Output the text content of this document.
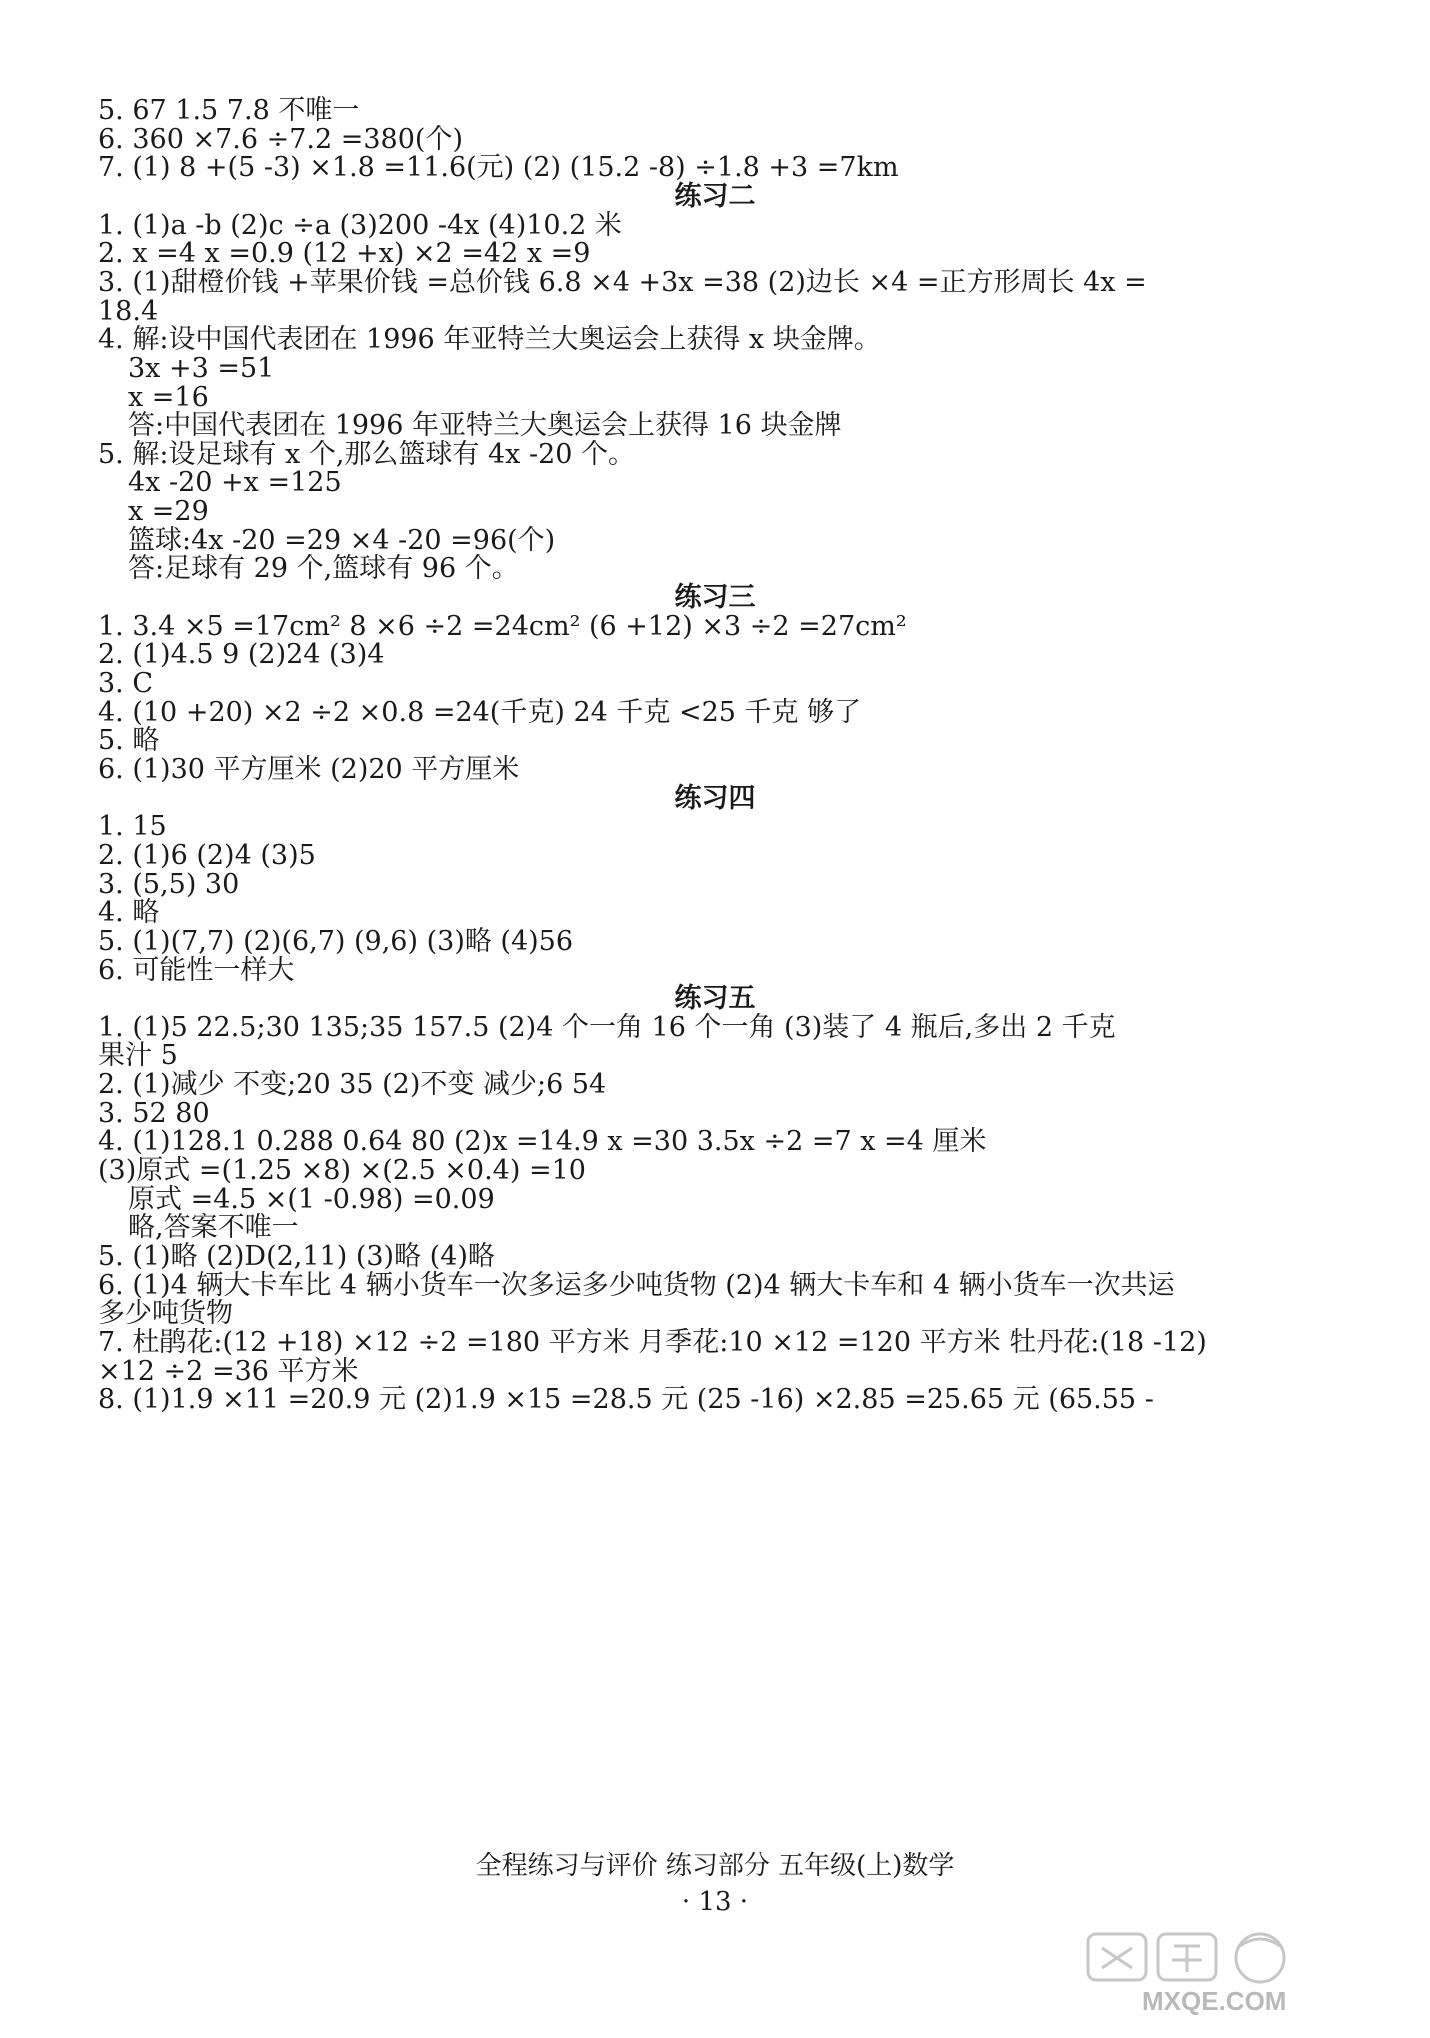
5. 67 1.5 7.8 不唯一
6. 360 ×7.6 ÷7.2 =380(个)
7. (1) 8 +(5 -3) ×1.8 =11.6(元) (2) (15.2 -8) ÷1.8 +3 =7km
练习二
1. (1)a -b (2)c ÷a (3)200 -4x (4)10.2 米
2. x =4 x =0.9 (12 +x) ×2 =42 x =9
3. (1)甜橙价钱 +苹果价钱 =总价钱 6.8 ×4 +3x =38 (2)边长 ×4 =正方形周长 4x =
18.4
4. 解:设中国代表团在 1996 年亚特兰大奥运会上获得 x 块金牌。
3x +3 =51
x =16
答:中国代表团在 1996 年亚特兰大奥运会上获得 16 块金牌
5. 解:设足球有 x 个,那么篮球有 4x -20 个。
4x -20 +x =125
x =29
篮球:4x -20 =29 ×4 -20 =96(个)
答:足球有 29 个,篮球有 96 个。
练习三
1. 3.4 ×5 =17cm² 8 ×6 ÷2 =24cm² (6 +12) ×3 ÷2 =27cm²
2. (1)4.5 9 (2)24 (3)4
3. C
4. (10 +20) ×2 ÷2 ×0.8 =24(千克) 24 千克 <25 千克 够了
5. 略
6. (1)30 平方厘米 (2)20 平方厘米
练习四
1. 15
2. (1)6 (2)4 (3)5
3. (5,5) 30
4. 略
5. (1)(7,7) (2)(6,7) (9,6) (3)略 (4)56
6. 可能性一样大
练习五
1. (1)5 22.5;30 135;35 157.5 (2)4 个一角 16 个一角 (3)装了 4 瓶后,多出 2 千克
果汁 5
2. (1)减少 不变;20 35 (2)不变 减少;6 54
3. 52 80
4. (1)128.1 0.288 0.64 80 (2)x =14.9 x =30 3.5x ÷2 =7 x =4 厘米
(3)原式 =(1.25 ×8) ×(2.5 ×0.4) =10
原式 =4.5 ×(1 -0.98) =0.09
略,答案不唯一
5. (1)略 (2)D(2,11) (3)略 (4)略
6. (1)4 辆大卡车比 4 辆小货车一次多运多少吨货物 (2)4 辆大卡车和 4 辆小货车一次共运
多少吨货物
7. 杜鹃花:(12 +18) ×12 ÷2 =180 平方米 月季花:10 ×12 =120 平方米 牡丹花:(18 -12)
×12 ÷2 =36 平方米
8. (1)1.9 ×11 =20.9 元 (2)1.9 ×15 =28.5 元 (25 -16) ×2.85 =25.65 元 (65.55 -
全程练习与评价 练习部分 五年级(上)数学
· 13 ·
MXQE.COM
